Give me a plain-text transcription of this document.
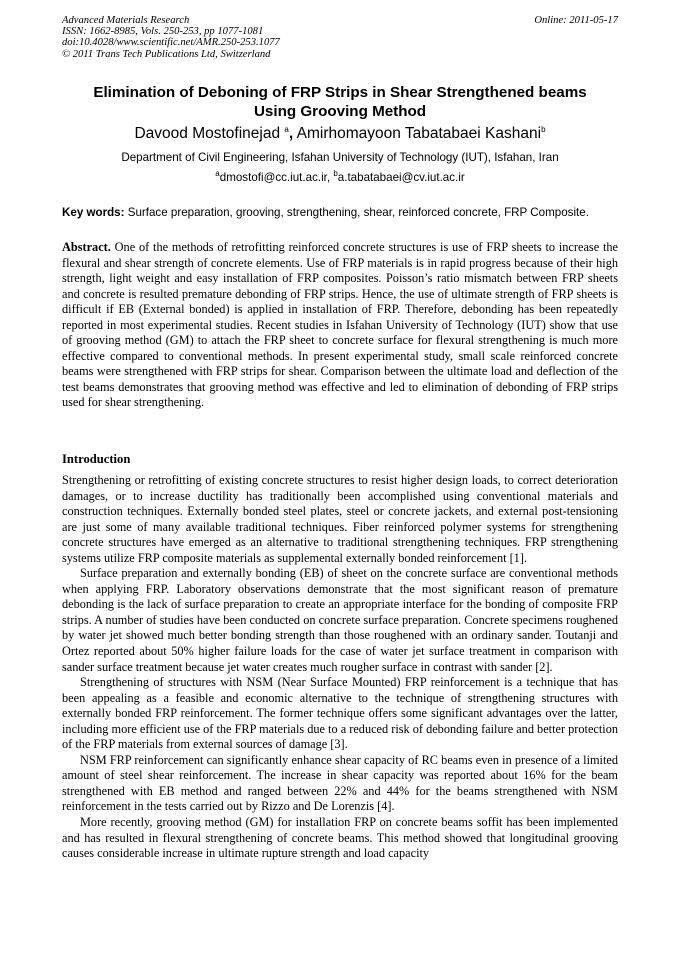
Advanced Materials Research
ISSN: 1662-8985, Vols. 250-253, pp 1077-1081
doi:10.4028/www.scientific.net/AMR.250-253.1077
© 2011 Trans Tech Publications Ltd, Switzerland
Online: 2011-05-17
Elimination of Deboning of FRP Strips in Shear Strengthened beams
Using Grooving Method
Davood Mostofinejad $^a$, Amirhomayoon Tabatabaei Kashani$^b$
Department of Civil Engineering, Isfahan University of Technology (IUT), Isfahan, Iran
$^a$dmostofi@cc.iut.ac.ir, $^b$a.tabatabaei@cv.iut.ac.ir
Key words: Surface preparation, grooving, strengthening, shear, reinforced concrete, FRP Composite.

Abstract. One of the methods of retrofitting reinforced concrete structures is use of FRP sheets to increase the flexural and shear strength of concrete elements. Use of FRP materials is in rapid progress because of their high strength, light weight and easy installation of FRP composites. Poisson’s ratio mismatch between FRP sheets and concrete is resulted premature debonding of FRP strips. Hence, the use of ultimate strength of FRP sheets is difficult if EB (External bonded) is applied in installation of FRP. Therefore, debonding has been repeatedly reported in most experimental studies. Recent studies in Isfahan University of Technology (IUT) show that use of grooving method (GM) to attach the FRP sheet to concrete surface for flexural strengthening is much more effective compared to conventional methods. In present experimental study, small scale reinforced concrete beams were strengthened with FRP strips for shear. Comparison between the ultimate load and deflection of the test beams demonstrates that grooving method was effective and led to elimination of debonding of FRP strips used for shear strengthening.

Introduction

Strengthening or retrofitting of existing concrete structures to resist higher design loads, to correct deterioration damages, or to increase ductility has traditionally been accomplished using conventional materials and construction techniques. Externally bonded steel plates, steel or concrete jackets, and external post-tensioning are just some of many available traditional techniques. Fiber reinforced polymer systems for strengthening concrete structures have emerged as an alternative to traditional strengthening techniques. FRP strengthening systems utilize FRP composite materials as supplemental externally bonded reinforcement [1].

Surface preparation and externally bonding (EB) of sheet on the concrete surface are conventional methods when applying FRP. Laboratory observations demonstrate that the most significant reason of premature debonding is the lack of surface preparation to create an appropriate interface for the bonding of composite FRP strips. A number of studies have been conducted on concrete surface preparation. Concrete specimens roughened by water jet showed much better bonding strength than those roughened with an ordinary sander. Toutanji and Ortez reported about 50% higher failure loads for the case of water jet surface treatment in comparison with sander surface treatment because jet water creates much rougher surface in contrast with sander [2].

Strengthening of structures with NSM (Near Surface Mounted) FRP reinforcement is a technique that has been appealing as a feasible and economic alternative to the technique of strengthening structures with externally bonded FRP reinforcement. The former technique offers some significant advantages over the latter, including more efficient use of the FRP materials due to a reduced risk of debonding failure and better protection of the FRP materials from external sources of damage [3].

NSM FRP reinforcement can significantly enhance shear capacity of RC beams even in presence of a limited amount of steel shear reinforcement. The increase in shear capacity was reported about 16% for the beam strengthened with EB method and ranged between 22% and 44% for the beams strengthened with NSM reinforcement in the tests carried out by Rizzo and De Lorenzis [4].

More recently, grooving method (GM) for installation FRP on concrete beams soffit has been implemented and has resulted in flexural strengthening of concrete beams. This method showed that longitudinal grooving causes considerable increase in ultimate rupture strength and load capacity
